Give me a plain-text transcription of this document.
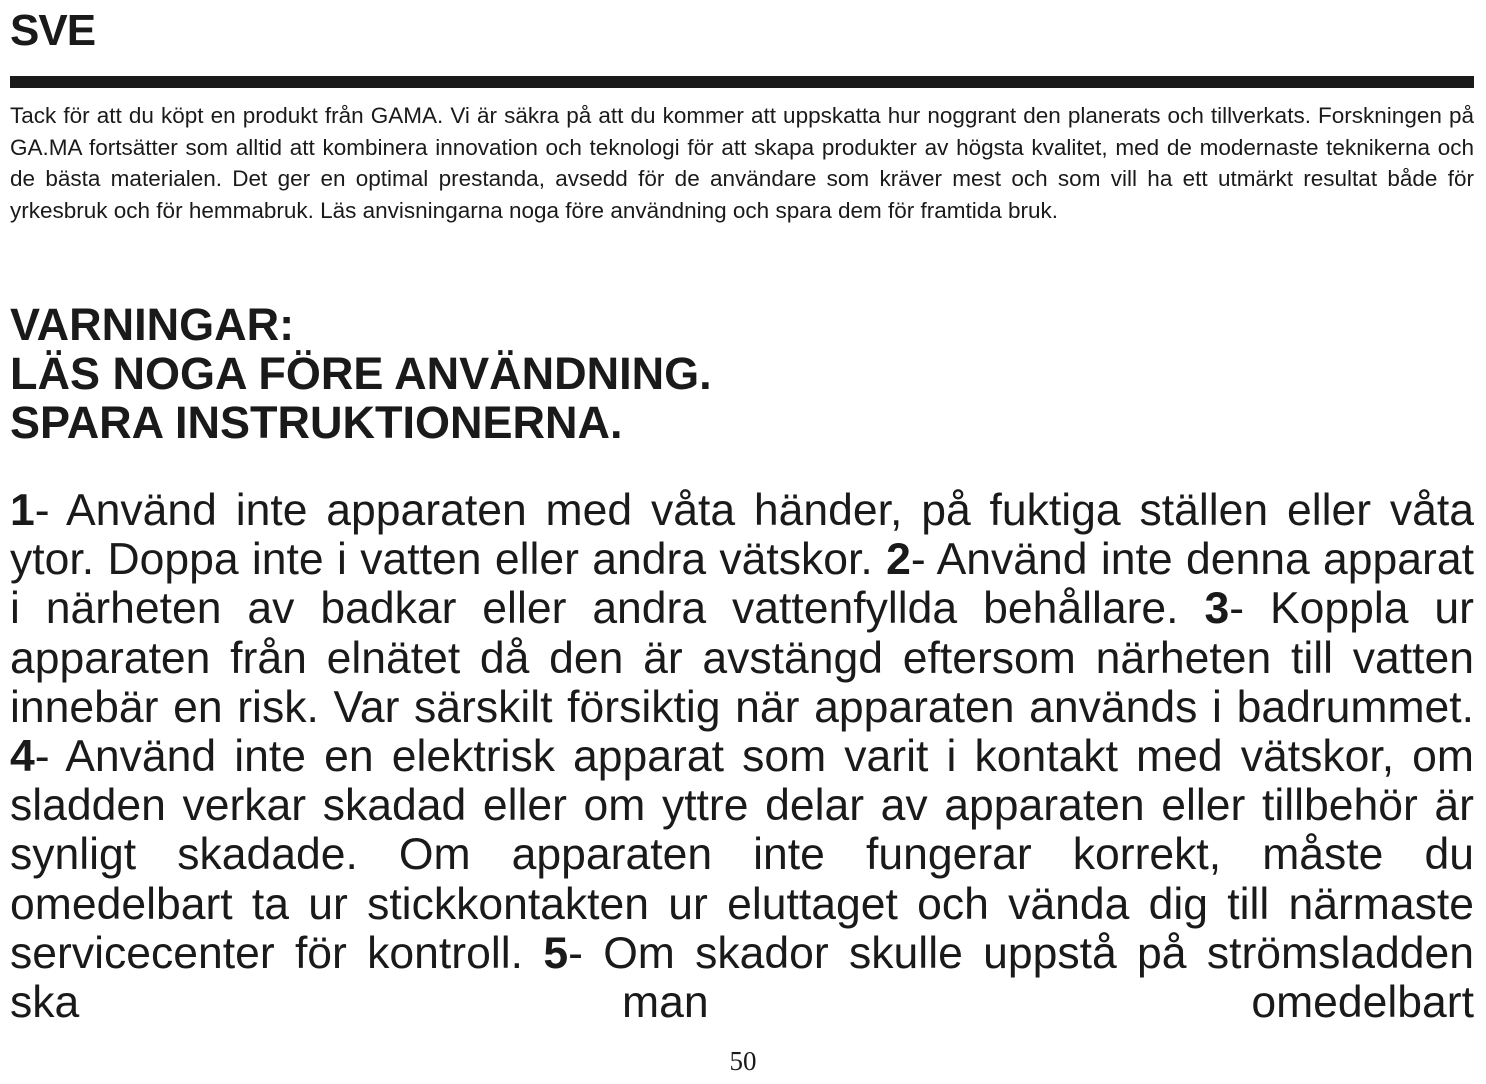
SVE

Tack för att du köpt en produkt från GAMA. Vi är säkra på att du kommer att uppskatta hur noggrant den planerats och tillverkats. Forskningen på GA.MA fortsätter som alltid att kombinera innovation och teknologi för att skapa produkter av högsta kvalitet, med de modernaste teknikerna och de bästa materialen. Det ger en optimal prestanda, avsedd för de användare som kräver mest och som vill ha ett utmärkt resultat både för yrkesbruk och för hemmabruk. Läs anvisningarna noga före användning och spara dem för framtida bruk.

VARNINGAR:
LÄS NOGA FÖRE ANVÄNDNING.
SPARA INSTRUKTIONERNA.

1- Använd inte apparaten med våta händer, på fuktiga ställen eller våta ytor. Doppa inte i vatten eller andra vätskor. 2- Använd inte denna apparat i närheten av badkar eller andra vattenfyllda behållare. 3- Koppla ur apparaten från elnätet då den är avstängd eftersom närheten till vatten innebär en risk. Var särskilt försiktig när apparaten används i badrummet. 4- Använd inte en elektrisk apparat som varit i kontakt med vätskor, om sladden verkar skadad eller om yttre delar av apparaten eller tillbehör är synligt skadade. Om apparaten inte fungerar korrekt, måste du omedelbart ta ur stickkontakten ur eluttaget och vända dig till närmaste servicecenter för kontroll. 5- Om skador skulle uppstå på strömsladden ska man omedelbart

50
